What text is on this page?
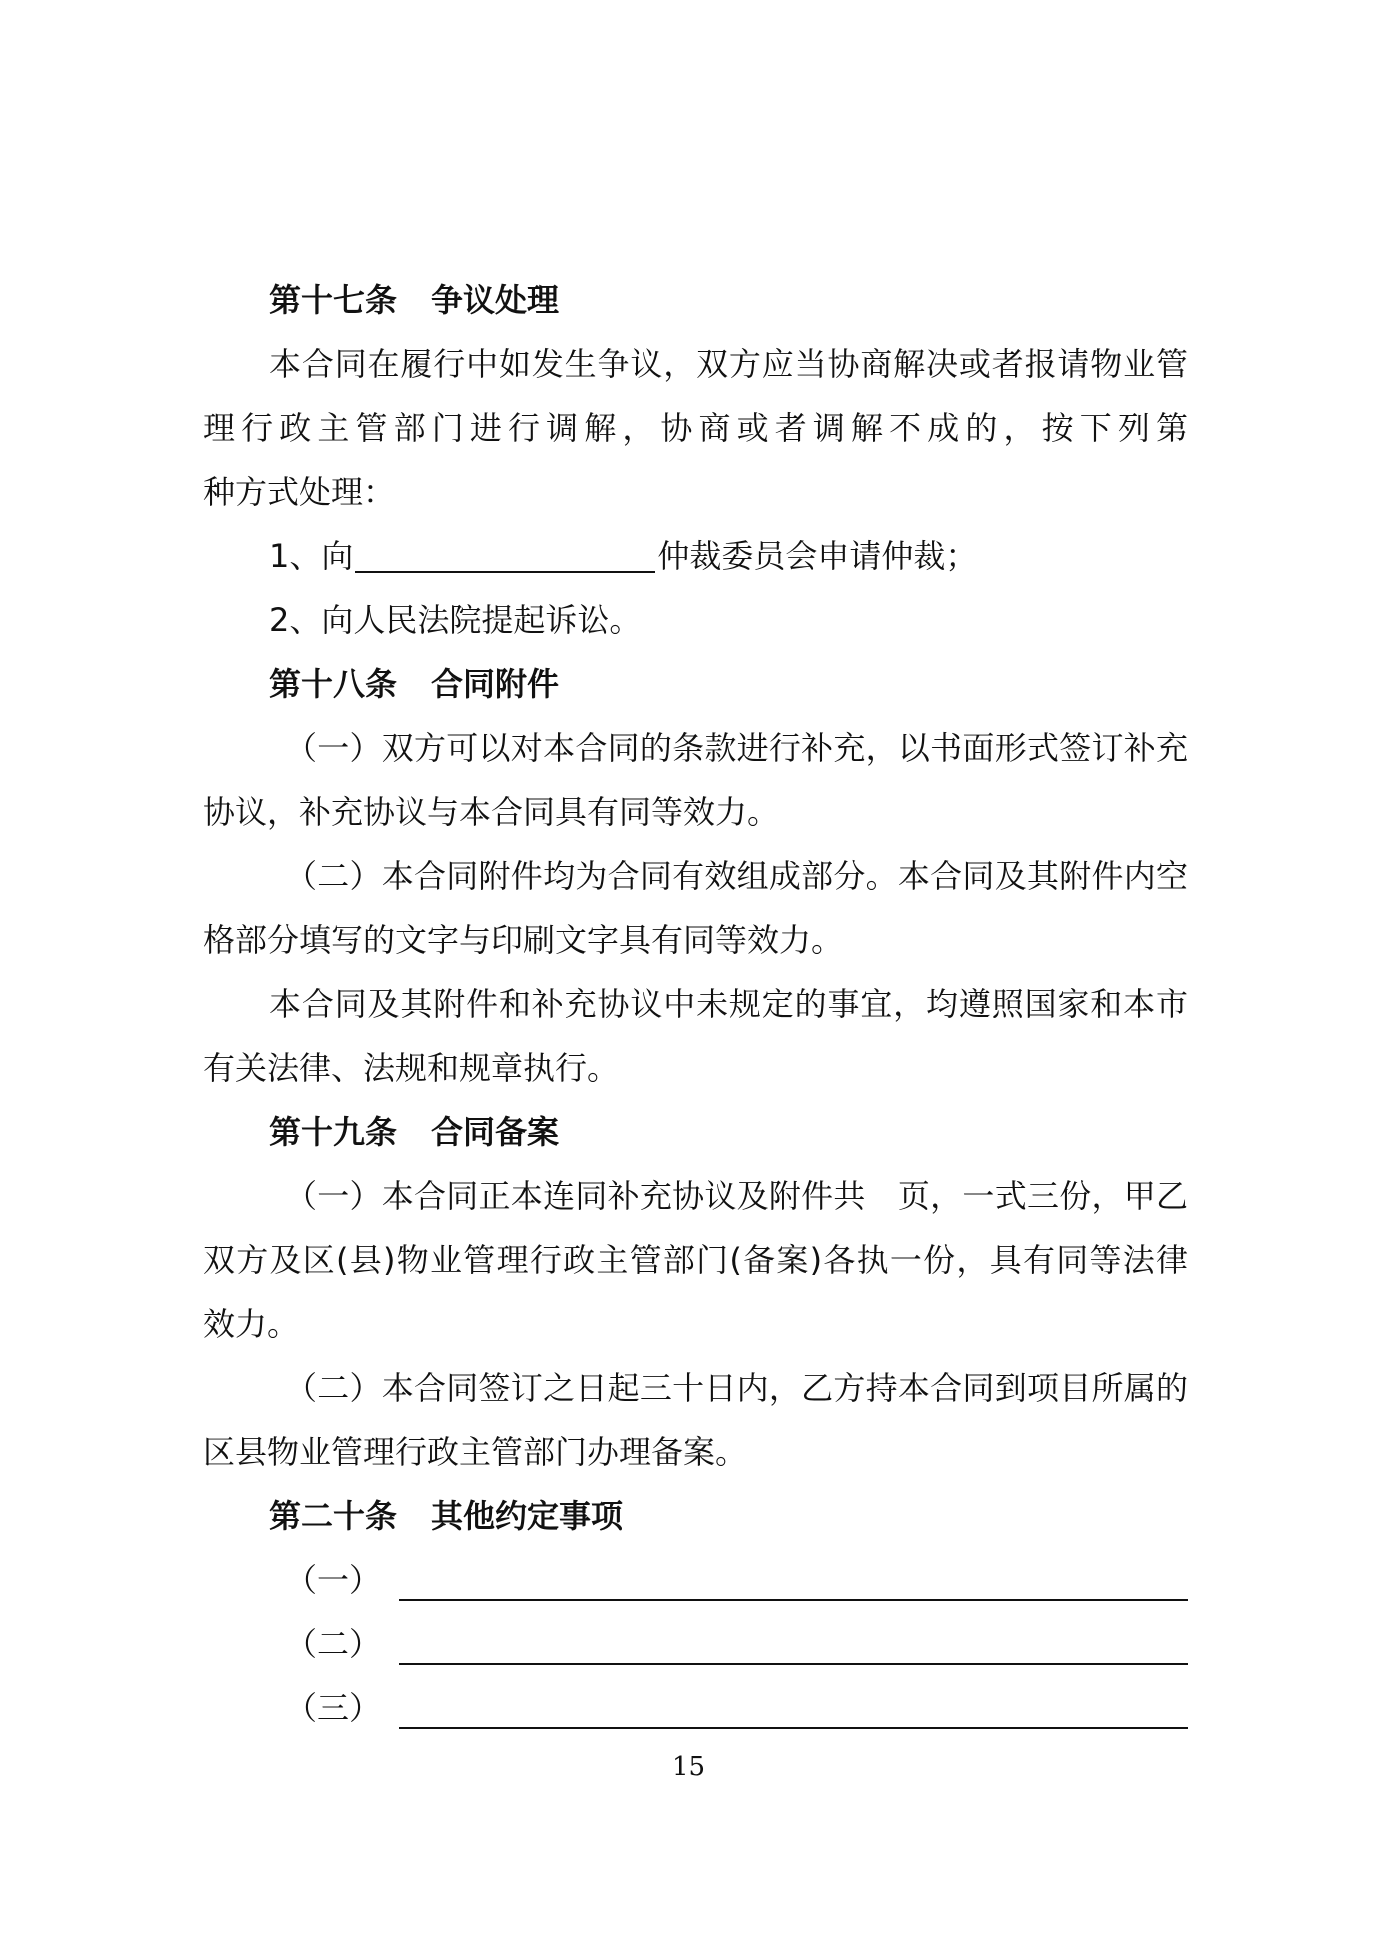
第十七条 争议处理
本合同在履行中如发生争议，双方应当协商解决或者报请物业管
理行政主管部门进行调解，协商或者调解不成的，按下列第
种方式处理：
1、向	仲裁委员会申请仲裁；
2、向人民法院提起诉讼。
第十八条 合同附件
（一）双方可以对本合同的条款进行补充，以书面形式签订补充
协议，补充协议与本合同具有同等效力。
（二）本合同附件均为合同有效组成部分。本合同及其附件内空
格部分填写的文字与印刷文字具有同等效力。
本合同及其附件和补充协议中未规定的事宜，均遵照国家和本市
有关法律、法规和规章执行。
第十九条 合同备案
（一）本合同正本连同补充协议及附件共　页，一式三份，甲乙
双方及区(县)物业管理行政主管部门(备案)各执一份，具有同等法律
效力。
（二）本合同签订之日起三十日内，乙方持本合同到项目所属的
区县物业管理行政主管部门办理备案。
第二十条 其他约定事项
（一）
（二）
（三）
15
